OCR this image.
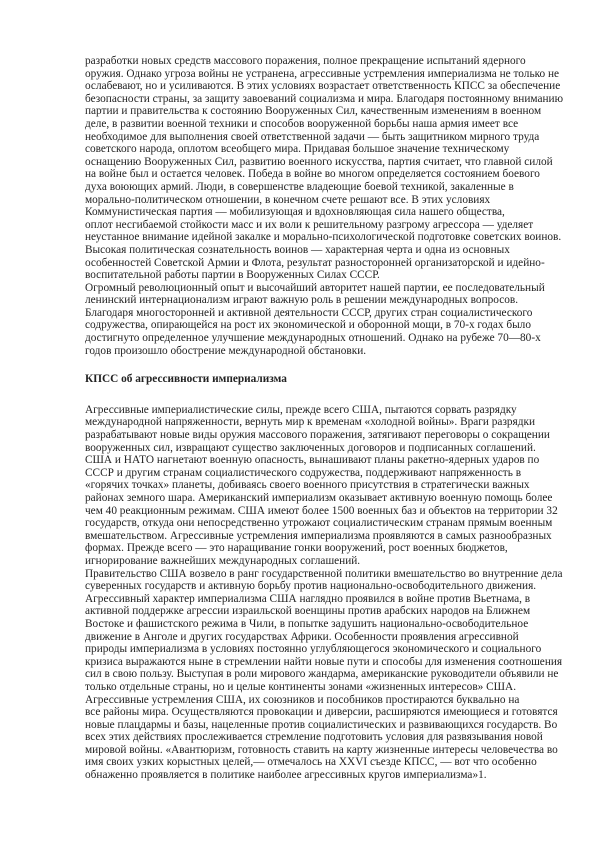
разработки новых средств массового поражения, полное прекращение испытаний ядерного
оружия. Однако угроза войны не устранена, агрессивные устремления империализма не только не
ослабевают, но и усиливаются. В этих условиях возрастает ответственность КПСС за обеспечение
безопасности страны, за защиту завоеваний социализма и мира. Благодаря постоянному вниманию
партии и правительства к состоянию Вооруженных Сил, качественным изменениям в военном
деле, в развитии военной техники и способов вооруженной борьбы наша армия имеет все
необходимое для выполнения своей ответственной задачи — быть защитником мирного труда
советского народа, оплотом всеобщего мира. Придавая большое значение техническому
оснащению Вооруженных Сил, развитию военного искусства, партия считает, что главной силой
на войне был и остается человек. Победа в войне во многом определяется состоянием боевого
духа воюющих армий. Люди, в совершенстве владеющие боевой техникой, закаленные в
морально-политическом отношении, в конечном счете решают все. В этих условиях
Коммунистическая партия — мобилизующая и вдохновляющая сила нашего общества,
оплот несгибаемой стойкости масс и их воли к решительному разгрому агрессора — уделяет
неустанное внимание идейной закалке и морально-психологической подготовке советских воинов.
Высокая политическая сознательность воинов — характерная черта и одна из основных
особенностей Советской Армии и Флота, результат разносторонней организаторской и идейно-
воспитательной работы партии в Вооруженных Силах СССР.
Огромный революционный опыт и высочайший авторитет нашей партии, ее последовательный
ленинский интернационализм играют важную роль в решении международных вопросов.
Благодаря многосторонней и активной деятельности СССР, других стран социалистического
содружества, опирающейся на рост их экономической и оборонной мощи, в 70-х годах было
достигнуто определенное улучшение международных отношений. Однако на рубеже 70—80-х
годов произошло обострение международной обстановки.
КПСС об агрессивности империализма
Агрессивные империалистические силы, прежде всего США, пытаются сорвать разрядку
международной напряженности, вернуть мир к временам «холодной войны». Враги разрядки
разрабатывают новые виды оружия массового поражения, затягивают переговоры о сокращении
вооруженных сил, извращают существо заключенных договоров и подписанных соглашений.
США и НАТО нагнетают военную опасность, вынашивают планы ракетно-ядерных ударов по
СССР и другим странам социалистического содружества, поддерживают напряженность в
«горячих точках» планеты, добиваясь своего военного присутствия в стратегически важных
районах земного шара. Американский империализм оказывает активную военную помощь более
чем 40 реакционным режимам. США имеют более 1500 военных баз и объектов на территории 32
государств, откуда они непосредственно утрожают социалистическим странам прямым военным
вмешательством. Агрессивные устремления империализма проявляются в самых разнообразных
формах. Прежде всего — это наращивание гонки вооружений, рост военных бюджетов,
игнорирование важнейших международных соглашений.
Правительство США возвело в ранг государственной политики вмешательство во внутренние дела
суверенных государств и активную борьбу против национально-освободительного движения.
Агрессивный характер империализма США наглядно проявился в войне против Вьетнама, в
активной поддержке агрессии израильской военщины против арабских народов на Ближнем
Востоке и фашистского режима в Чили, в попытке задушить национально-освободительное
движение в Анголе и других государствах Африки. Особенности проявления агрессивной
природы империализма в условиях постоянно углубляющегося экономического и социального
кризиса выражаются ныне в стремлении найти новые пути и способы для изменения соотношения
сил в свою пользу. Выступая в роли мирового жандарма, американские руководители объявили не
только отдельные страны, но и целые континенты зонами «жизненных интересов» США.
Агрессивные устремления США, их союзников и пособников простираются буквально на
все районы мира. Осуществляются провокации и диверсии, расширяются имеющиеся и готовятся
новые плацдармы и базы, нацеленные против социалистических и развивающихся государств. Во
всех этих действиях прослеживается стремление подготовить условия для развязывания новой
мировой войны. «Авантюризм, готовность ставить на карту жизненные интересы человечества во
имя своих узких корыстных целей,— отмечалось на XXVI съезде КПСС, — вот что особенно
обнаженно проявляется в политике наиболее агрессивных кругов империализма»1.
